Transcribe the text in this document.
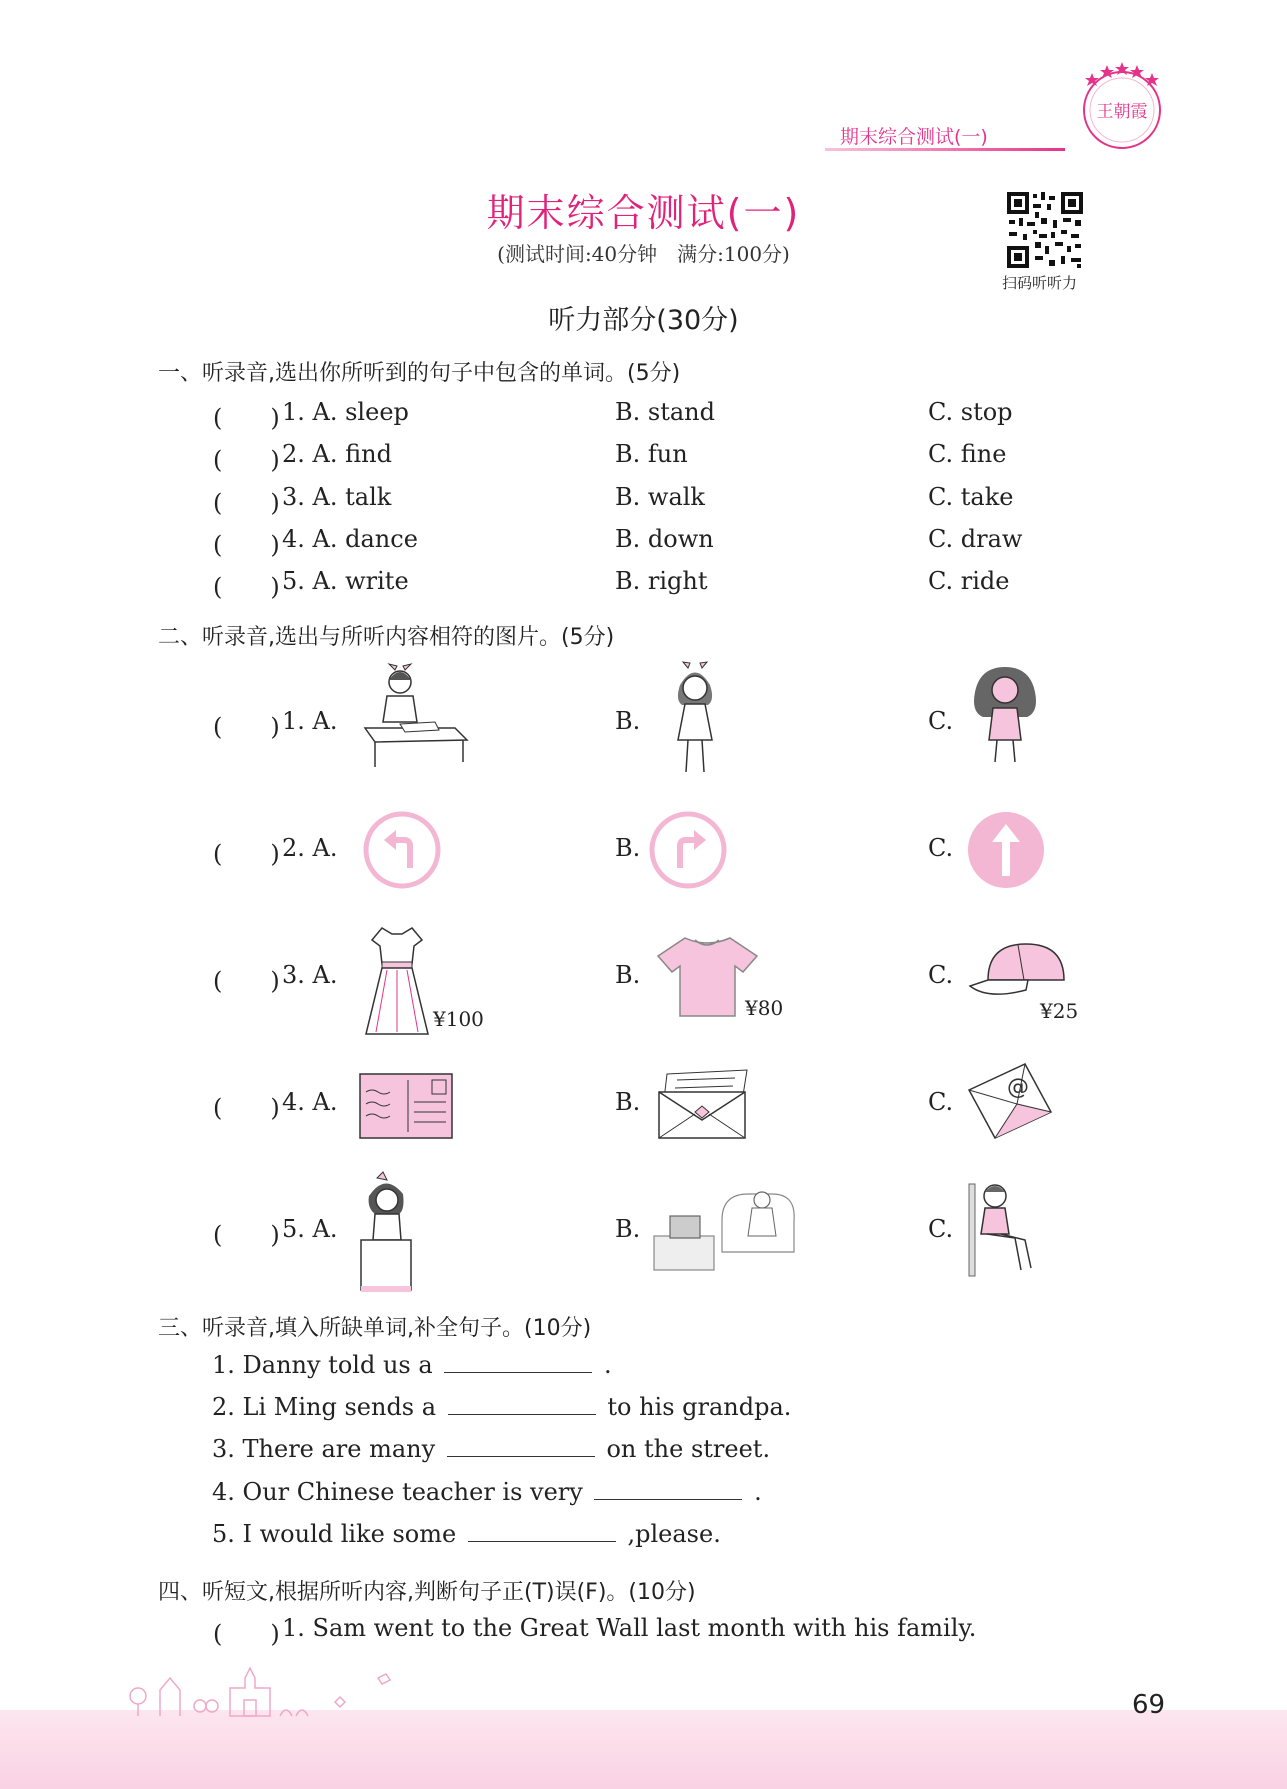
期末综合测试(一)
王朝霞
期末综合测试(一)
(测试时间:40分钟　满分:100分)
扫码听听力
听力部分(30分)
一、听录音,选出你所听到的句子中包含的单词。(5分)
(　　) 1. A. sleep	B. stand	C. stop
(　　) 2. A. find	B. fun	C. fine
(　　) 3. A. talk	B. walk	C. take
(　　) 4. A. dance	B. down	C. draw
(　　) 5. A. write	B. right	C. ride
二、听录音,选出与所听内容相符的图片。(5分)
(　　) 1. A.	B.	C.
(　　) 2. A.	B.	C.
(　　) 3. A.	B.	C.
¥100	¥80	¥25
(　　) 4. A.	B.	C.
@
(　　) 5. A.	B.	C.
三、听录音,填入所缺单词,补全句子。(10分)
1. Danny told us a	.
2. Li Ming sends a	to his grandpa.
3. There are many	on the street.
4. Our Chinese teacher is very	.
5. I would like some	,please.
四、听短文,根据所听内容,判断句子正(T)误(F)。(10分)
(　　) 1. Sam went to the Great Wall last month with his family.
69
